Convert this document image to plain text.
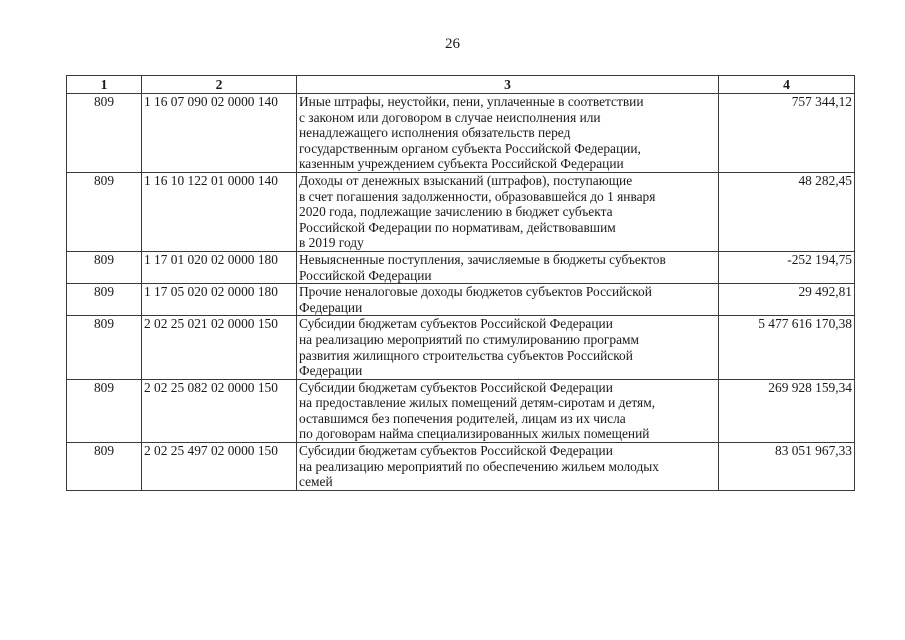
26
1	2	3	4
809	1 16 07 090 02 0000 140	Иные штрафы, неустойки, пени, уплаченные в соответствии
с законом или договором в случае неисполнения или
ненадлежащего исполнения обязательств перед
государственным органом субъекта Российской Федерации,
казенным учреждением субъекта Российской Федерации	757 344,12
809	1 16 10 122 01 0000 140	Доходы от денежных взысканий (штрафов), поступающие
в счет погашения задолженности, образовавшейся до 1 января
2020 года, подлежащие зачислению в бюджет субъекта
Российской Федерации по нормативам, действовавшим
в 2019 году	48 282,45
809	1 17 01 020 02 0000 180	Невыясненные поступления, зачисляемые в бюджеты субъектов
Российской Федерации	-252 194,75
809	1 17 05 020 02 0000 180	Прочие неналоговые доходы бюджетов субъектов Российской
Федерации	29 492,81
809	2 02 25 021 02 0000 150	Субсидии бюджетам субъектов Российской Федерации
на реализацию мероприятий по стимулированию программ
развития жилищного строительства субъектов Российской
Федерации	5 477 616 170,38
809	2 02 25 082 02 0000 150	Субсидии бюджетам субъектов Российской Федерации
на предоставление жилых помещений детям-сиротам и детям,
оставшимся без попечения родителей, лицам из их числа
по договорам найма специализированных жилых помещений	269 928 159,34
809	2 02 25 497 02 0000 150	Субсидии бюджетам субъектов Российской Федерации
на реализацию мероприятий по обеспечению жильем молодых
семей	83 051 967,33
